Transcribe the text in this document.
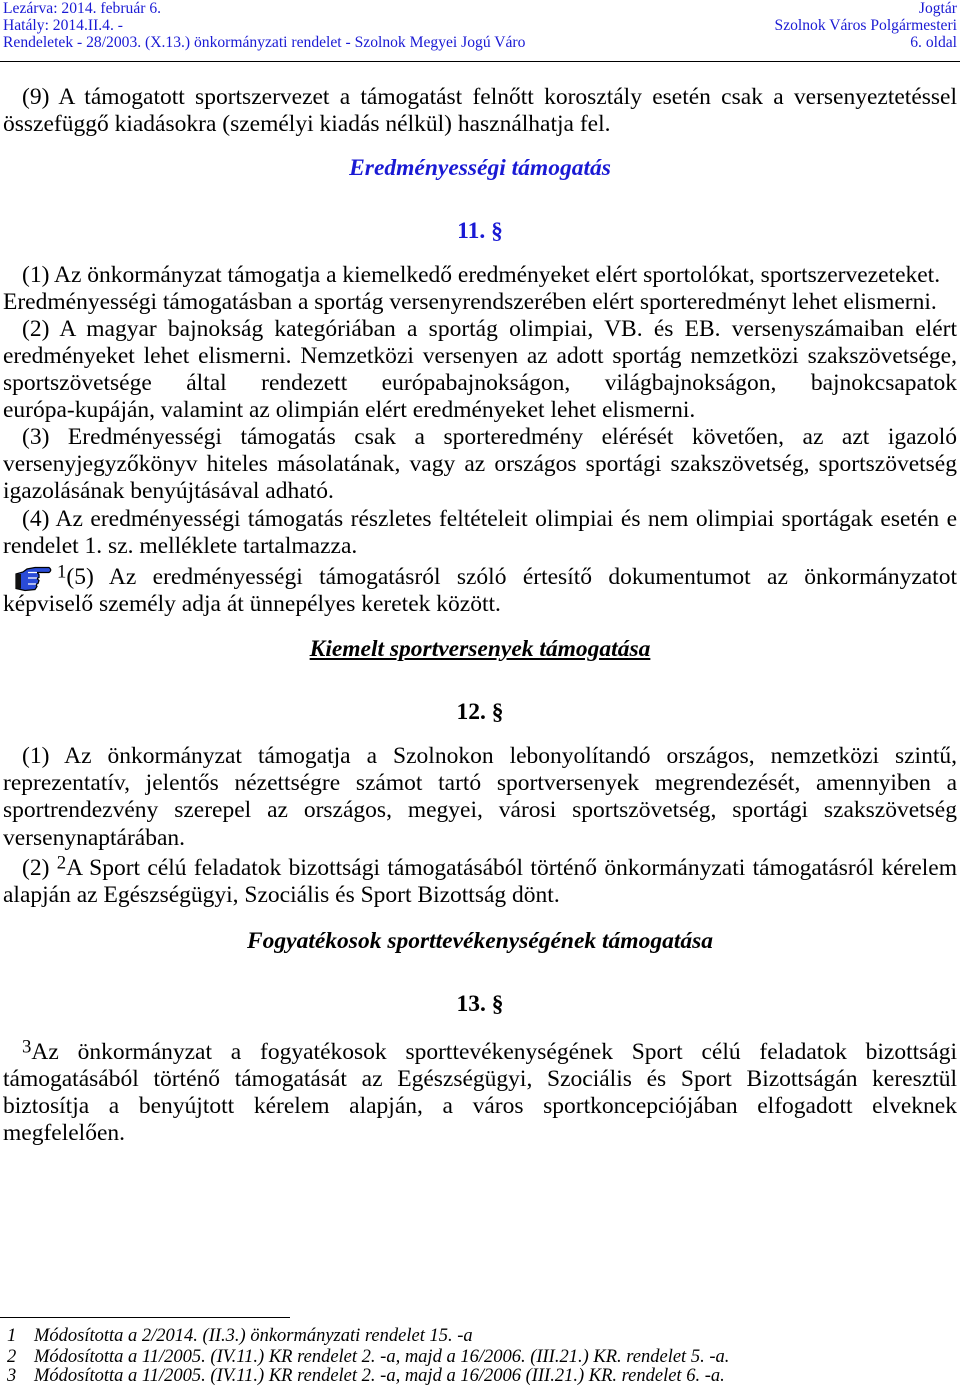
Lezárva: 2014. február 6.
Hatály: 2014.II.4. -
Rendeletek - 28/2003. (X.13.) önkormányzati rendelet - Szolnok Megyei Jogú Váro
Jogtár
Szolnok Város Polgármesteri
6. oldal
(9) A támogatott sportszervezet a támogatást felnőtt korosztály esetén csak a versenyeztetéssel
összefüggő kiadásokra (személyi kiadás nélkül) használhatja fel.
Eredményességi támogatás
11. §
(1) Az önkormányzat támogatja a kiemelkedő eredményeket elért sportolókat, sportszervezeteket.
Eredményességi támogatásban a sportág versenyrendszerében elért sporteredményt lehet elismerni.
(2) A magyar bajnokság kategóriában a sportág olimpiai, VB. és EB. versenyszámaiban elért
eredményeket lehet elismerni. Nemzetközi versenyen az adott sportág nemzetközi szakszövetsége,
sportszövetsége által rendezett európabajnokságon, világbajnokságon, bajnokcsapatok
európa-kupáján, valamint az olimpián elért eredményeket lehet elismerni.
(3) Eredményességi támogatás csak a sporteredmény elérését követően, az azt igazoló
versenyjegyzőkönyv hiteles másolatának, vagy az országos sportági szakszövetség, sportszövetség
igazolásának benyújtásával adható.
(4) Az eredményességi támogatás részletes feltételeit olimpiai és nem olimpiai sportágak esetén e
rendelet 1. sz. melléklete tartalmazza.
$^1$(5) Az eredményességi támogatásról szóló értesítő dokumentumot az önkormányzatot
képviselő személy adja át ünnepélyes keretek között.
Kiemelt sportversenyek támogatása
12. §
(1) Az önkormányzat támogatja a Szolnokon lebonyolítandó országos, nemzetközi szintű,
reprezentatív, jelentős nézettségre számot tartó sportversenyek megrendezését, amennyiben a
sportrendezvény szerepel az országos, megyei, városi sportszövetség, sportági szakszövetség
versenynaptárában.
(2) $^2$A Sport célú feladatok bizottsági támogatásából történő önkormányzati támogatásról kérelem
alapján az Egészségügyi, Szociális és Sport Bizottság dönt.
Fogyatékosok sporttevékenységének támogatása
13. §
$^3$Az önkormányzat a fogyatékosok sporttevékenységének Sport célú feladatok bizottsági
támogatásából történő támogatását az Egészségügyi, Szociális és Sport Bizottságán keresztül
biztosítja a benyújtott kérelem alapján, a város sportkoncepciójában elfogadott elveknek
megfelelően.
1 Módosította a 2/2014. (II.3.) önkormányzati rendelet 15. -a
2 Módosította a 11/2005. (IV.11.) KR rendelet 2. -a, majd a 16/2006. (III.21.) KR. rendelet 5. -a.
3 Módosította a 11/2005. (IV.11.) KR rendelet 2. -a, majd a 16/2006 (III.21.) KR. rendelet 6. -a.
